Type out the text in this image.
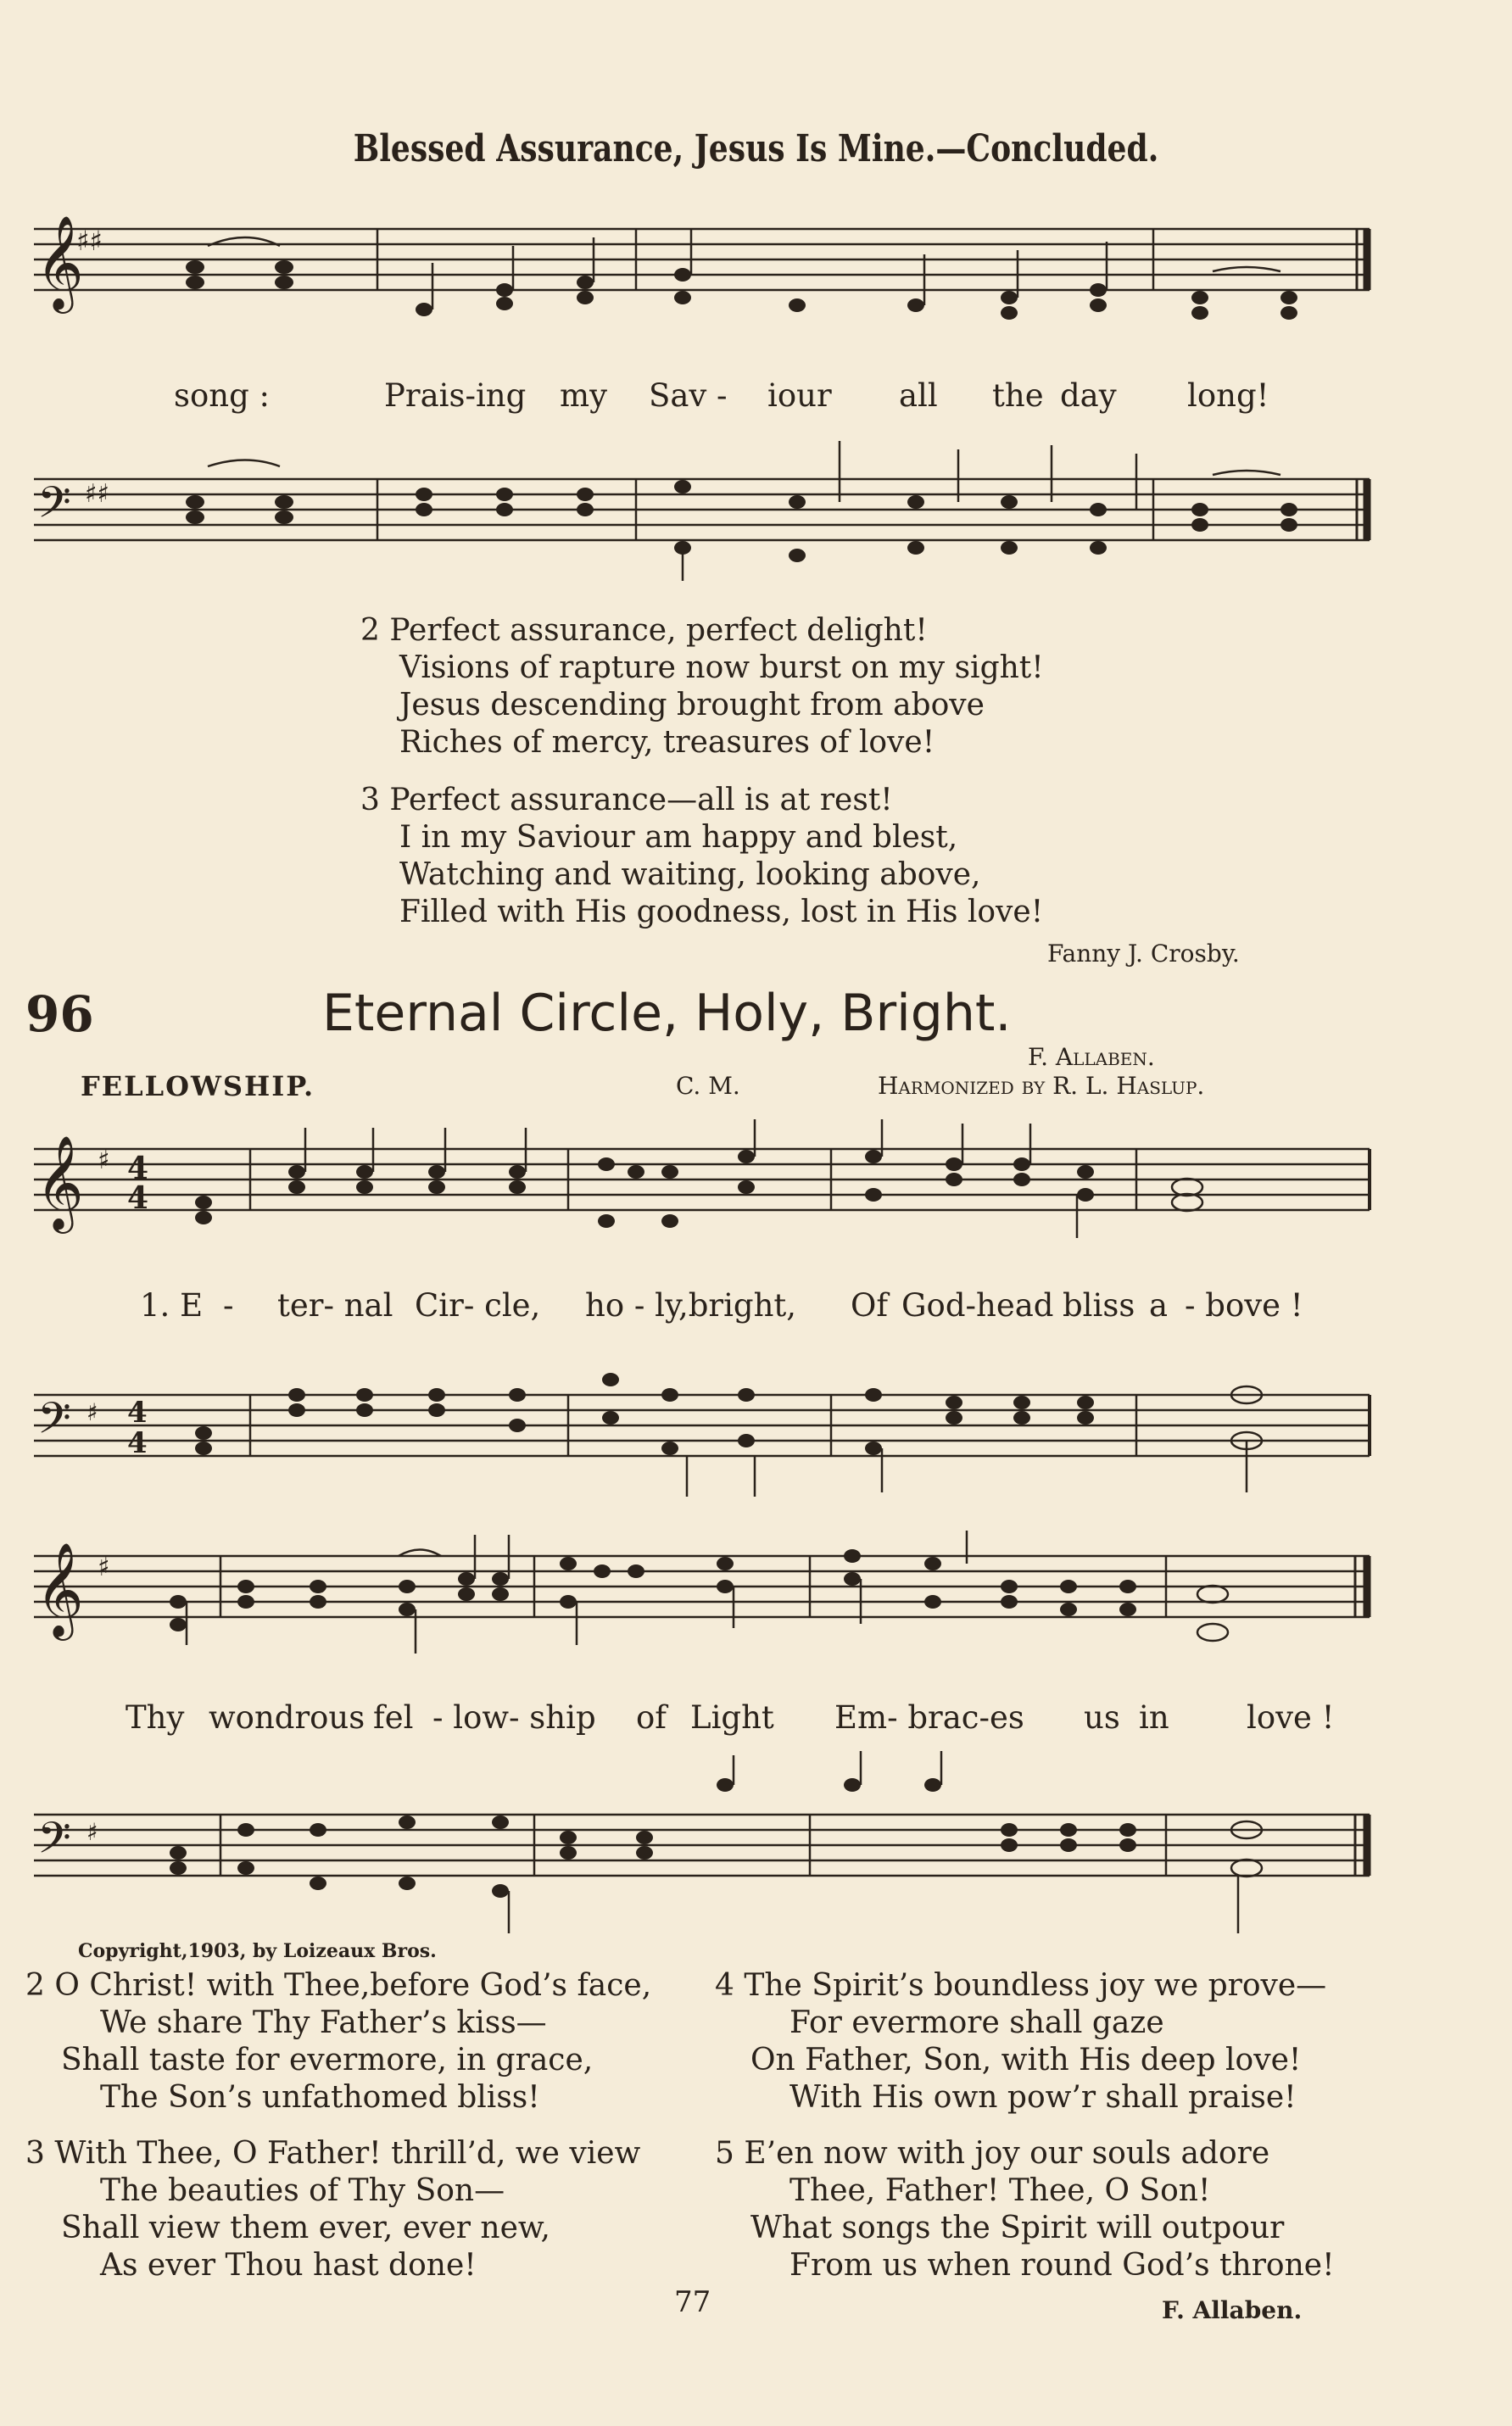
Blessed Assurance, Jesus Is Mine.—Concluded.
𝄞
♯♯
song :	Prais-ing my Sav - iour all the day long!
𝄢 ♯♯
2 Perfect assurance, perfect delight!
Visions of rapture now burst on my sight!
Jesus descending brought from above
Riches of mercy, treasures of love!
3 Perfect assurance—all is at rest!
I in my Saviour am happy and blest,
Watching and waiting, looking above,
Filled with His goodness, lost in His love!
Fanny J. Crosby.
96	Eternal Circle, Holy, Bright.
F. Allaben.
FELLOWSHIP.	C. M.	Harmonized by R. L. Haslup.
𝄞 ♯ 4
4
1. E - ter- nal Cir- cle, ho - ly,bright, Of God-head bliss a - bove !
𝄢 ♯ 4
4
𝄞 ♯
Thy wondrous fel - low- ship of Light Em- brac-es us in love !
𝄢 ♯
Copyright,1903, by Loizeaux Bros.
2 O Christ! with Thee,before God’s face,
We share Thy Father’s kiss—
Shall taste for evermore, in grace,
The Son’s unfathomed bliss!
3 With Thee, O Father! thrill’d, we view
The beauties of Thy Son—
Shall view them ever, ever new,
As ever Thou hast done!
4 The Spirit’s boundless joy we prove—
For evermore shall gaze
On Father, Son, with His deep love!
With His own pow’r shall praise!
5 E’en now with joy our souls adore
Thee, Father! Thee, O Son!
What songs the Spirit will outpour
From us when round God’s throne!
77	F. Allaben.
